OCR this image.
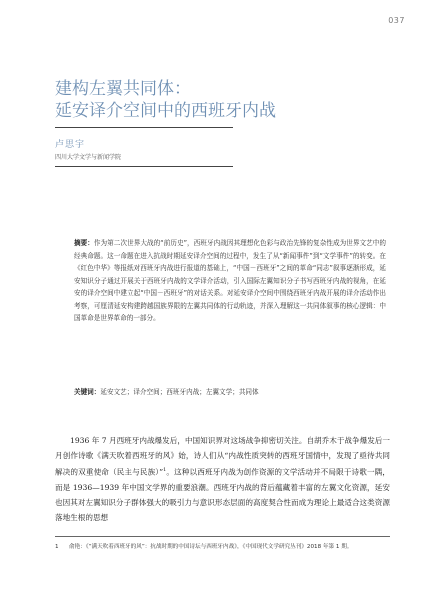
037
建构左翼共同体：
延安译介空间中的西班牙内战
卢思宇
四川大学文学与新闻学院
摘要：作为第二次世界大战的“前历史”，西班牙内战因其理想化色彩与政治先锋的复杂性成为世界文艺中的经典命题。这一命题在进入抗战时期延安译介空间的过程中，发生了从“新闻事件”到“文学事件”的转变。在《红色中华》等报纸对西班牙内战进行报道的基础上，“中国－西班牙”之间的革命“同志”叙事逐渐形成，延安知识分子通过开展关于西班牙内战的文学译介活动，引入国际左翼知识分子书写西班牙内战的视角，在延安的译介空间中建立起“中国－西班牙”的对话关系。对延安译介空间中围绕西班牙内战开展的译介活动作出考察，可厘清延安构建跨越国族界限的左翼共同体的行动轨迹，并深入理解这一共同体叙事的核心逻辑：中国革命是世界革命的一部分。
关键词：延安文艺；译介空间；西班牙内战；左翼文学；共同体
1936 年 7 月西班牙内战爆发后，中国知识界对这场战争抑密切关注。自胡乔木于战争爆发后一月创作诗歌《满天吹着西班牙的风》始，诗人们从“内战性质突转的西班牙国情中，发现了亟待共同解决的双重使命（民主与民族）”$^1$。这种以西班牙内战为创作资源的文学活动并不局限于诗歌一隅，而是 1936—1939 年中国文学界的重要浪潮。西班牙内战的背后蕴藏着丰富的左翼文化资源，延安也因其对左翼知识分子群体强大的吸引力与意识形态层面的高度契合性而成为理论上最适合这类资源落地生根的思想
1	俞艳：《“满天吹着西班牙的风”：抗战时期的中国诗坛与西班牙内战》，《中国现代文学研究丛刊》2018 年第 1 期。
